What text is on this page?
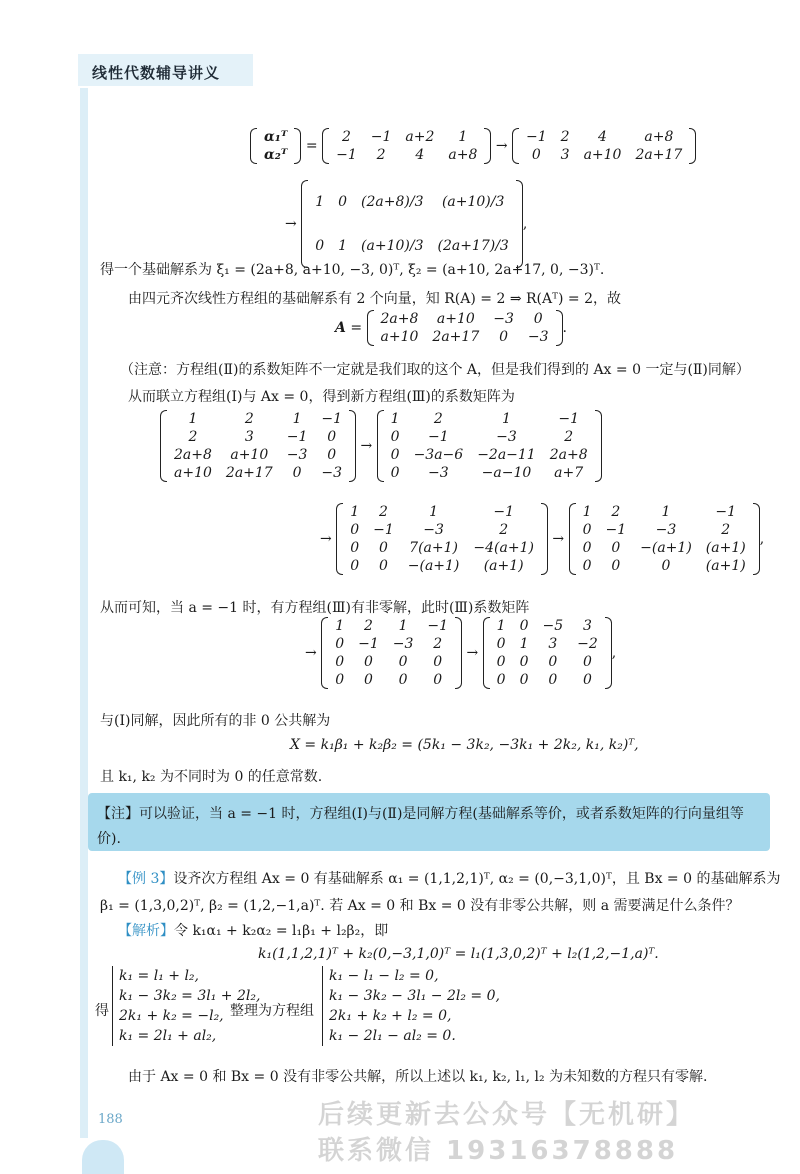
线性代数辅导讲义
α₁ᵀ
α₂ᵀ
=
2	−1	a+2	1
−1	2	4	a+8
→
−1	2	4	a+8
0	3	a+10	2a+17
→
1	0	(2a+8)/3	(a+10)/3
0	1	(a+10)/3	(2a+17)/3
,
得一个基础解系为 ξ₁ = (2a+8, a+10, −3, 0)ᵀ, ξ₂ = (a+10, 2a+17, 0, −3)ᵀ.
由四元齐次线性方程组的基础解系有 2 个向量，知 R(A) = 2 ⇒ R(Aᵀ) = 2，故
A =
2a+8	a+10	−3	0
a+10	2a+17	0	−3
.
（注意：方程组(Ⅱ)的系数矩阵不一定就是我们取的这个 A，但是我们得到的 Ax = 0 一定与(Ⅱ)同解）
从而联立方程组(Ⅰ)与 Ax = 0，得到新方程组(Ⅲ)的系数矩阵为
1	2	1	−1
2	3	−1	0
2a+8	a+10	−3	0
a+10	2a+17	0	−3
→
1	2	1	−1
0	−1	−3	2
0	−3a−6	−2a−11	2a+8
0	−3	−a−10	a+7
→
1	2	1	−1
0	−1	−3	2
0	0	7(a+1)	−4(a+1)
0	0	−(a+1)	(a+1)
→
1	2	1	−1
0	−1	−3	2
0	0	−(a+1)	(a+1)
0	0	0	(a+1)
,
从而可知，当 a = −1 时，有方程组(Ⅲ)有非零解，此时(Ⅲ)系数矩阵
→
1	2	1	−1
0	−1	−3	2
0	0	0	0
0	0	0	0
→
1	0	−5	3
0	1	3	−2
0	0	0	0
0	0	0	0
,
与(Ⅰ)同解，因此所有的非 0 公共解为
X = k₁β₁ + k₂β₂ = (5k₁ − 3k₂, −3k₁ + 2k₂, k₁, k₂)ᵀ,
且 k₁, k₂ 为不同时为 0 的任意常数.
【注】可以验证，当 a = −1 时，方程组(Ⅰ)与(Ⅱ)是同解方程(基础解系等价，或者系数矩阵的行向量组等价).
【例 3】设齐次方程组 Ax = 0 有基础解系 α₁ = (1,1,2,1)ᵀ, α₂ = (0,−3,1,0)ᵀ，且 Bx = 0 的基础解系为
β₁ = (1,3,0,2)ᵀ, β₂ = (1,2,−1,a)ᵀ. 若 Ax = 0 和 Bx = 0 没有非零公共解，则 a 需要满足什么条件？
【解析】令 k₁α₁ + k₂α₂ = l₁β₁ + l₂β₂，即
k₁(1,1,2,1)ᵀ + k₂(0,−3,1,0)ᵀ = l₁(1,3,0,2)ᵀ + l₂(1,2,−1,a)ᵀ.
得
k₁ = l₁ + l₂,
k₁ − 3k₂ = 3l₁ + 2l₂,
2k₁ + k₂ = −l₂,
k₁ = 2l₁ + al₂,
整理为方程组
k₁ − l₁ − l₂ = 0,
k₁ − 3k₂ − 3l₁ − 2l₂ = 0,
2k₁ + k₂ + l₂ = 0,
k₁ − 2l₁ − al₂ = 0.
由于 Ax = 0 和 Bx = 0 没有非零公共解，所以上述以 k₁, k₂, l₁, l₂ 为未知数的方程只有零解.
188	后续更新去公众号【无机研】
联系微信 19316378888
